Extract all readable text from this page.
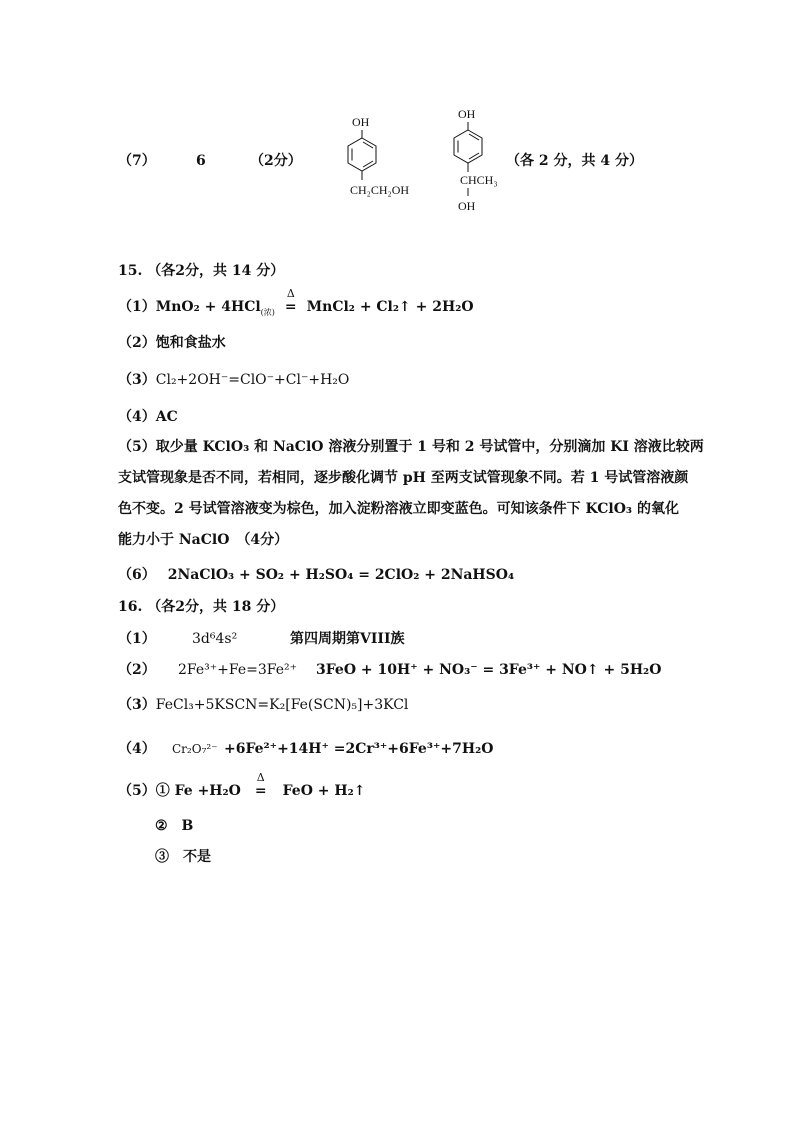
（7）	6	（2分）
OH
CH₂CH₂OH
OH
CHCH₃
OH
（各 2 分，共 4 分）
15. （各2分，共 14 分）
（1）MnO₂ + 4HCl$_{(浓)}$
Δ
= MnCl₂ + Cl₂↑ + 2H₂O
（2）饱和食盐水
（3）Cl₂+2OH⁻=ClO⁻+Cl⁻+H₂O
（4）AC
（5）取少量 KClO₃ 和 NaClO 溶液分别置于 1 号和 2 号试管中，分别滴加 KI 溶液比较两
支试管现象是否不同，若相同，逐步酸化调节 pH 至两支试管现象不同。若 1 号试管溶液颜
色不变。2 号试管溶液变为棕色，加入淀粉溶液立即变蓝色。可知该条件下 KClO₃ 的氧化
能力小于 NaClO　（4分）
（6） 2NaClO₃ + SO₂ + H₂SO₄ = 2ClO₂ + 2NaHSO₄
16. （各2分，共 18 分）
（1）	3d⁶4s²	第四周期第VIII族
（2） 2Fe³⁺+Fe=3Fe²⁺ 3FeO + 10H⁺ + NO₃⁻ = 3Fe³⁺ + NO↑ + 5H₂O
（3）FeCl₃+5KSCN=K₂[Fe(SCN)₅]+3KCl
（4） Cr₂O₇²⁻ +6Fe²⁺+14H⁺ =2Cr³⁺+6Fe³⁺+7H₂O
（5）① Fe +H₂O
Δ
= FeO + H₂↑
②　B
③　不是
